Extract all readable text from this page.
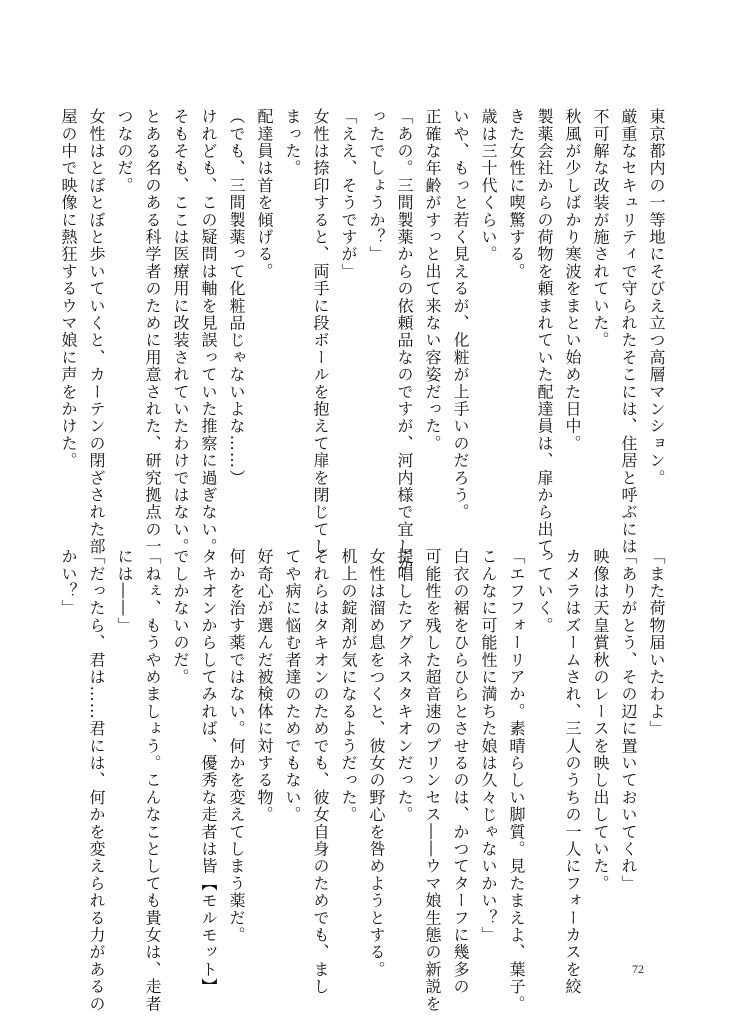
東京都内の一等地にそびえ立つ高層マンション。

厳重なセキュリティで守られたそこには、住居と呼ぶには

不可解な改装が施されていた。

秋風が少しばかり寒波をまとい始めた日中。

製薬会社からの荷物を頼まれていた配達員は、扉から出て

きた女性に喫驚する。

歳は三十代くらい。

いや、もっと若く見えるが、化粧が上手いのだろう。

正確な年齢がすっと出て来ない容姿だった。

「あの。三間製薬からの依頼品なのですが、河内様で宜しか

ったでしょうか？」

「ええ、そうですが」

女性は捺印すると、両手に段ボールを抱えて扉を閉じてし

まった。

配達員は首を傾げる。

（でも、三間製薬って化粧品じゃないよな……）

けれども、この疑問は軸を見誤っていた推察に過ぎない。

そもそも、ここは医療用に改装されていたわけではない。

とある名のある科学者のために用意された、研究拠点の一

つなのだ。

女性はとぼとぼと歩いていくと、カーテンの閉ざされた部

屋の中で映像に熱狂するウマ娘に声をかけた。

「また荷物届いたわよ」

「ありがとう、その辺に置いておいてくれ」

映像は天皇賞秋のレースを映し出していた。

カメラはズームされ、三人のうちの一人にフォーカスを絞

っていく。

「エフフォーリアか。素晴らしい脚質。見たまえよ、葉子。

こんなに可能性に満ちた娘は久々じゃないかい？」

白衣の裾をひらひらとさせるのは、かつてターフに幾多の

可能性を残した超音速のプリンセス――ウマ娘生態の新説を

提唱したアグネスタキオンだった。

女性は溜め息をつくと、彼女の野心を咎めようとする。

机上の錠剤が気になるようだった。

それらはタキオンのためでも、彼女自身のためでも、まし

てや病に悩む者達のためでもない。

好奇心が選んだ被検体に対する物。

何かを治す薬ではない。何かを変えてしまう薬だ。

タキオンからしてみれば、優秀な走者は皆【モルモット】

でしかないのだ。

「ねぇ、もうやめましょう。こんなことしても貴女は、走者

には――」

「だったら、君は……君には、何かを変えられる力があるの

かい？」

72
